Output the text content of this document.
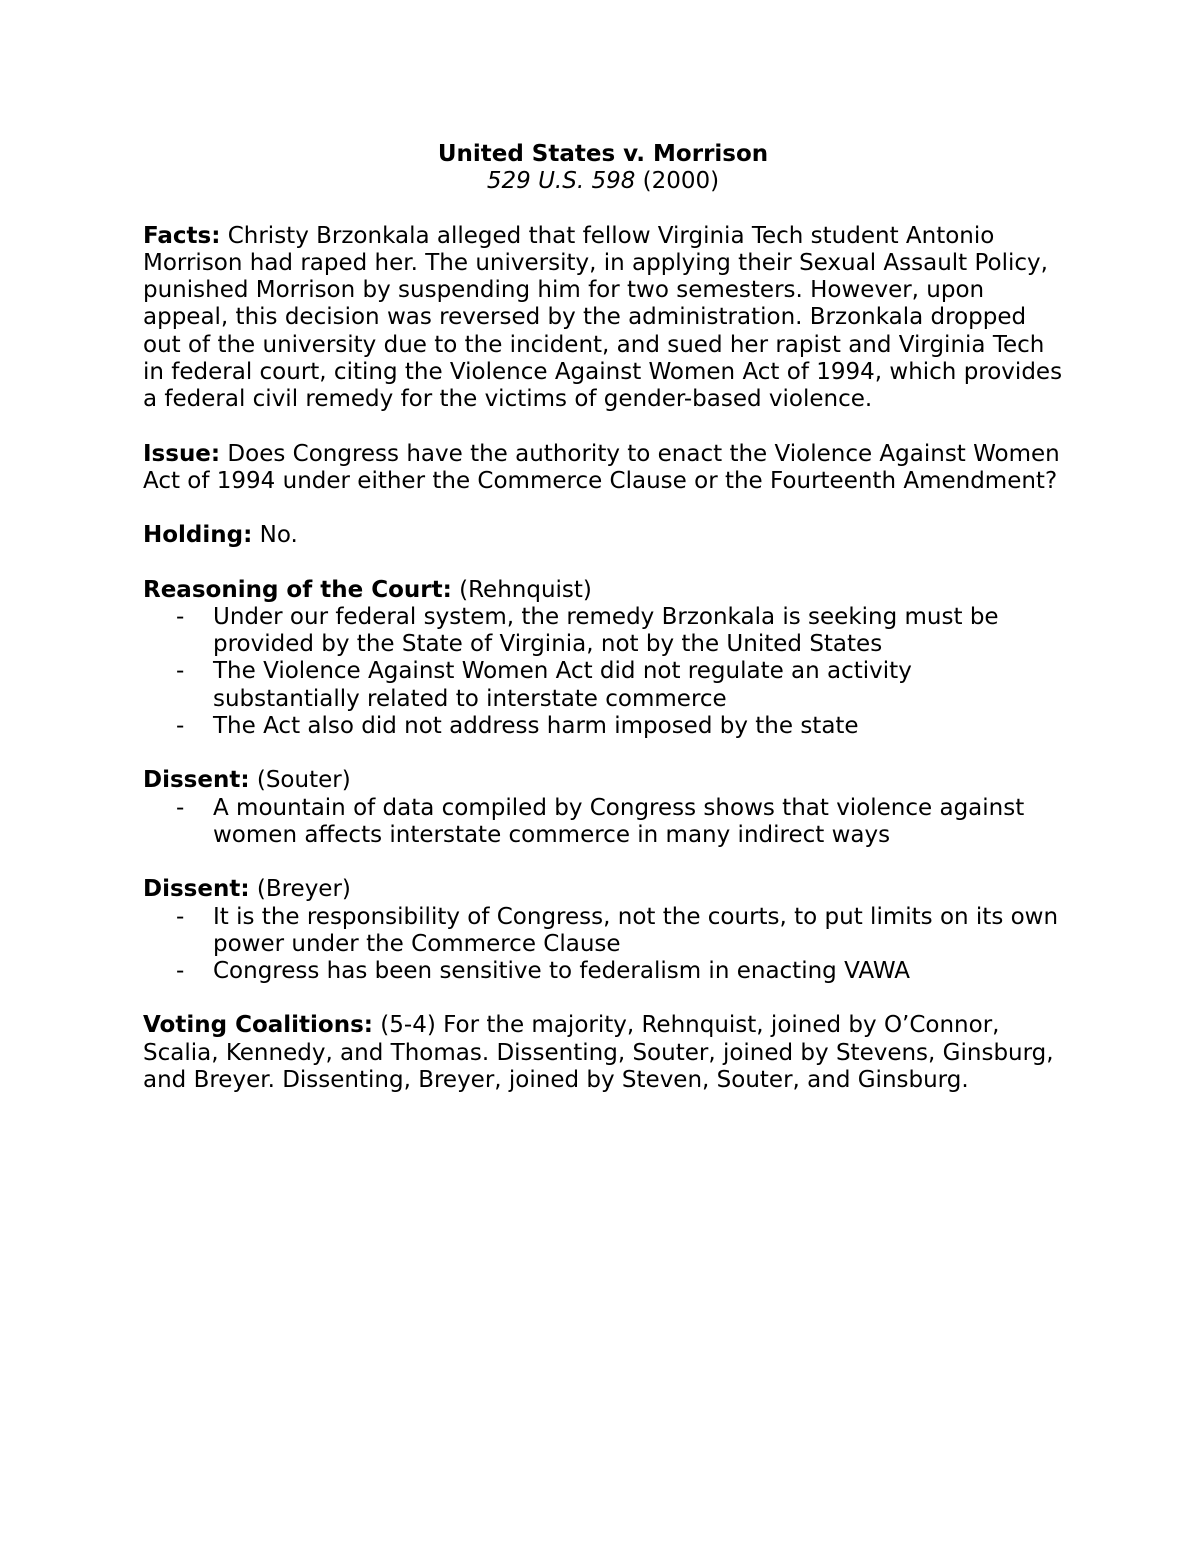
United States v. Morrison
529 U.S. 598 (2000)

Facts: Christy Brzonkala alleged that fellow Virginia Tech student Antonio Morrison had raped her. The university, in applying their Sexual Assault Policy, punished Morrison by suspending him for two semesters. However, upon appeal, this decision was reversed by the administration. Brzonkala dropped out of the university due to the incident, and sued her rapist and Virginia Tech in federal court, citing the Violence Against Women Act of 1994, which provides a federal civil remedy for the victims of gender-based violence.

Issue: Does Congress have the authority to enact the Violence Against Women Act of 1994 under either the Commerce Clause or the Fourteenth Amendment?

Holding: No.

Reasoning of the Court: (Rehnquist)
- Under our federal system, the remedy Brzonkala is seeking must be provided by the State of Virginia, not by the United States
- The Violence Against Women Act did not regulate an activity substantially related to interstate commerce
- The Act also did not address harm imposed by the state
Dissent: (Souter)
- A mountain of data compiled by Congress shows that violence against women affects interstate commerce in many indirect ways
Dissent: (Breyer)
- It is the responsibility of Congress, not the courts, to put limits on its own power under the Commerce Clause
- Congress has been sensitive to federalism in enacting VAWA

Voting Coalitions: (5-4) For the majority, Rehnquist, joined by O’Connor, Scalia, Kennedy, and Thomas. Dissenting, Souter, joined by Stevens, Ginsburg, and Breyer. Dissenting, Breyer, joined by Steven, Souter, and Ginsburg.
